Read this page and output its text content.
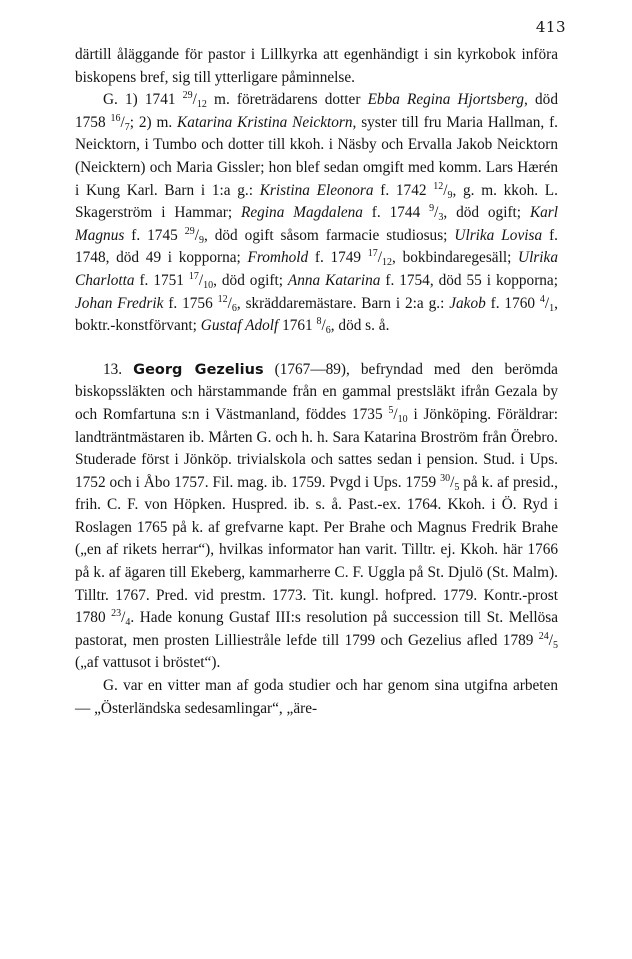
413

därtill åläggande för pastor i Lillkyrka att egenhändigt i sin kyrkobok införa biskopens bref, sig till ytterligare påminnelse.

G. 1) 1741 $^{29}/_{12}$ m. företrädarens dotter Ebba Regina Hjortsberg, död 1758 $^{16}/_7$; 2) m. Katarina Kristina Neicktorn, syster till fru Maria Hallman, f. Neicktorn, i Tumbo och dotter till kkoh. i Näsby och Ervalla Jakob Neicktorn (Neicktern) och Maria Gissler; hon blef sedan omgift med komm. Lars Hærén i Kung Karl. Barn i 1:a g.: Kristina Eleonora f. 1742 $^{12}/_9$, g. m. kkoh. L. Skagerström i Hammar; Regina Magdalena f. 1744 $^9/_3$, död ogift; Karl Magnus f. 1745 $^{29}/_9$, död ogift såsom farmacie studiosus; Ulrika Lovisa f. 1748, död 49 i kopporna; Fromhold f. 1749 $^{17}/_{12}$, bokbindaregesäll; Ulrika Charlotta f. 1751 $^{17}/_{10}$, död ogift; Anna Katarina f. 1754, död 55 i kopporna; Johan Fredrik f. 1756 $^{12}/_6$, skräddaremästare. Barn i 2:a g.: Jakob f. 1760 $^4/_1$, boktr.-konstförvant; Gustaf Adolf 1761 $^8/_6$, död s. å.

13. Georg Gezelius (1767—89), befryndad med den berömda biskopssläkten och härstammande från en gammal prestsläkt ifrån Gezala by och Romfartuna s:n i Västmanland, föddes 1735 $^5/_{10}$ i Jönköping. Föräldrar: landträntmästaren ib. Mårten G. och h. h. Sara Katarina Broström från Örebro. Studerade först i Jönköp. trivialskola och sattes sedan i pension. Stud. i Ups. 1752 och i Åbo 1757. Fil. mag. ib. 1759. Pvgd i Ups. 1759 $^{30}/_5$ på k. af presid., frih. C. F. von Höpken. Huspred. ib. s. å. Past.-ex. 1764. Kkoh. i Ö. Ryd i Roslagen 1765 på k. af grefvarne kapt. Per Brahe och Magnus Fredrik Brahe („en af rikets herrar“), hvilkas informator han varit. Tilltr. ej. Kkoh. här 1766 på k. af ägaren till Ekeberg, kammarherre C. F. Uggla på St. Djulö (St. Malm). Tilltr. 1767. Pred. vid prestm. 1773. Tit. kungl. hofpred. 1779. Kontr.-prost 1780 $^{23}/_4$. Hade konung Gustaf III:s resolution på succession till St. Mellösa pastorat, men prosten Lilliestråle lefde till 1799 och Gezelius afled 1789 $^{24}/_5$ („af vattusot i bröstet“).

G. var en vitter man af goda studier och har genom sina utgifna arbeten — „Österländska sedesamlingar“, „äre-
